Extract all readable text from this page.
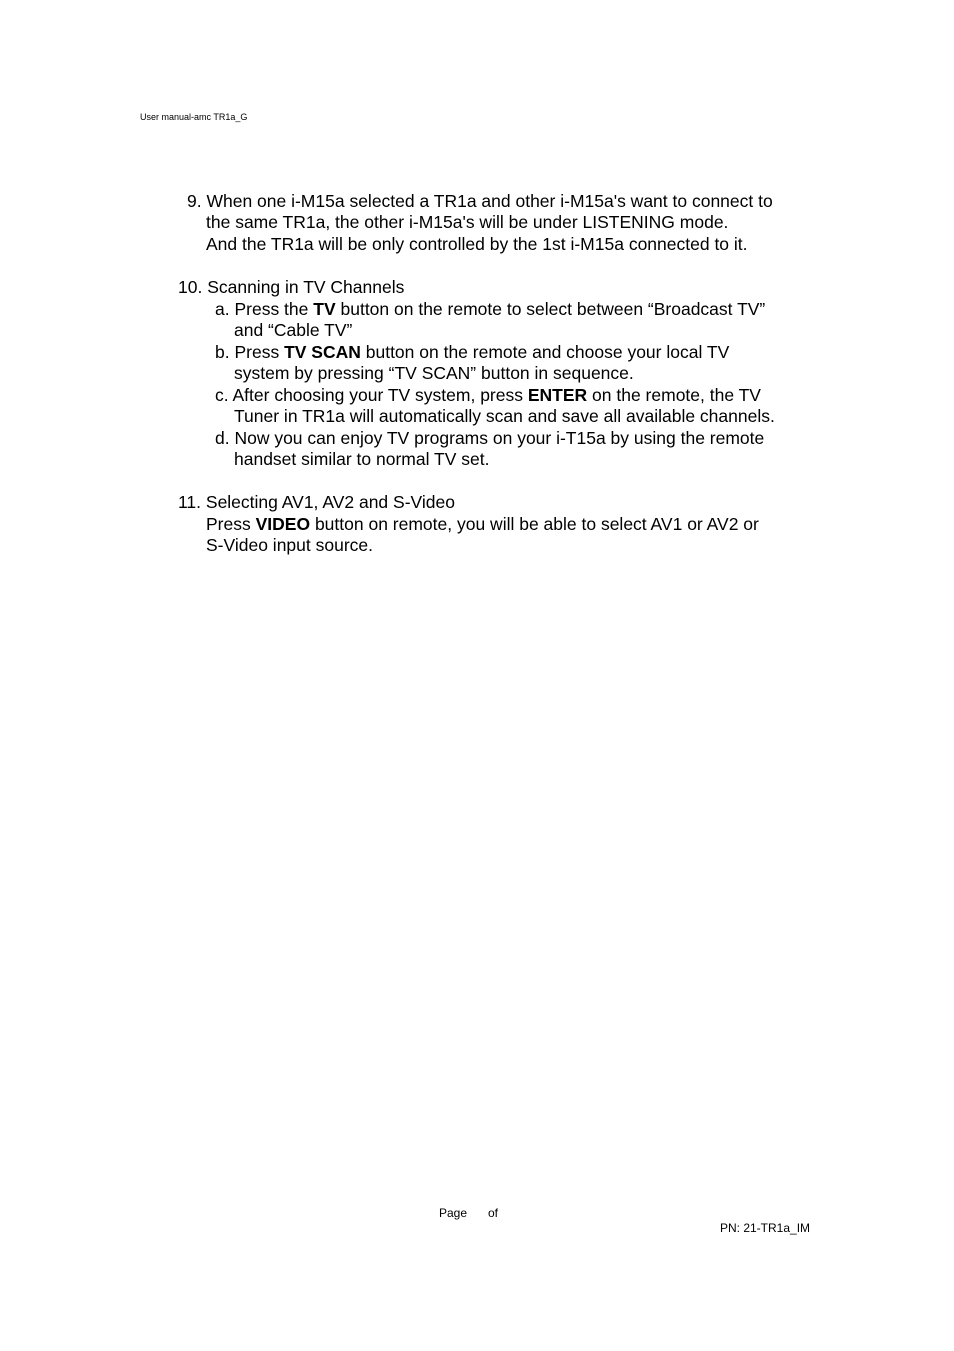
User manual-amc TR1a_G
9. When one i-M15a selected a TR1a and other i-M15a's want to connect to
the same TR1a, the other i-M15a's will be under LISTENING mode.
And the TR1a will be only controlled by the 1st i-M15a connected to it.
10. Scanning in TV Channels
a. Press the TV button on the remote to select between “Broadcast TV”
and “Cable TV”
b. Press TV SCAN button on the remote and choose your local TV
system by pressing “TV SCAN” button in sequence.
c. After choosing your TV system, press ENTER on the remote, the TV
Tuner in TR1a will automatically scan and save all available channels.
d. Now you can enjoy TV programs on your i-T15a by using the remote
handset similar to normal TV set.
11. Selecting AV1, AV2 and S-Video
Press VIDEO button on remote, you will be able to select AV1 or AV2 or
S-Video input source.
Page of
PN: 21-TR1a_IM
